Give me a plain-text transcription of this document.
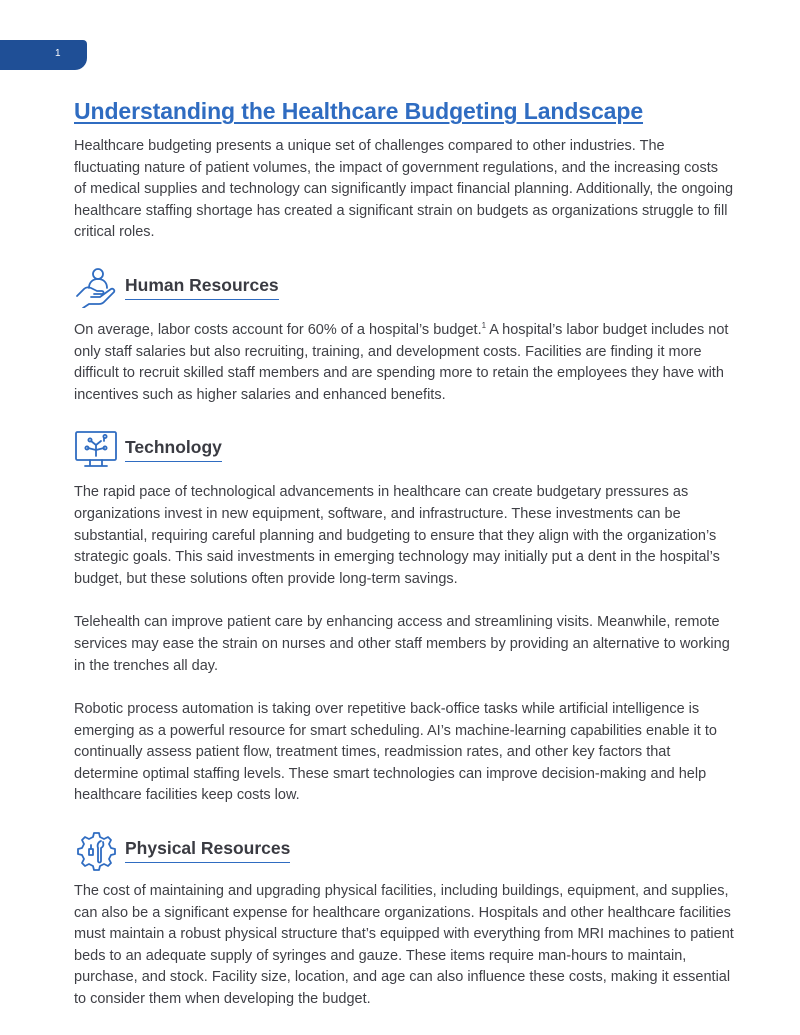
1
Understanding the Healthcare Budgeting Landscape

Healthcare budgeting presents a unique set of challenges compared to other industries. The fluctuating nature of patient volumes, the impact of government regulations, and the increasing costs of medical supplies and technology can significantly impact financial planning. Additionally, the ongoing healthcare staffing shortage has created a significant strain on budgets as organizations struggle to fill critical roles.

Human Resources

On average, labor costs account for 60% of a hospital’s budget.$^1$ A hospital’s labor budget includes not only staff salaries but also recruiting, training, and development costs. Facilities are finding it more difficult to recruit skilled staff members and are spending more to retain the employees they have with incentives such as higher salaries and enhanced benefits.

Technology

The rapid pace of technological advancements in healthcare can create budgetary pressures as organizations invest in new equipment, software, and infrastructure. These investments can be substantial, requiring careful planning and budgeting to ensure that they align with the organization’s strategic goals. This said investments in emerging technology may initially put a dent in the hospital’s budget, but these solutions often provide long-term savings.

Telehealth can improve patient care by enhancing access and streamlining visits. Meanwhile, remote services may ease the strain on nurses and other staff members by providing an alternative to working in the trenches all day.

Robotic process automation is taking over repetitive back-office tasks while artificial intelligence is emerging as a powerful resource for smart scheduling. AI’s machine-learning capabilities enable it to continually assess patient flow, treatment times, readmission rates, and other key factors that determine optimal staffing levels. These smart technologies can improve decision-making and help healthcare facilities keep costs low.

Physical Resources

The cost of maintaining and upgrading physical facilities, including buildings, equipment, and supplies, can also be a significant expense for healthcare organizations. Hospitals and other healthcare facilities must maintain a robust physical structure that’s equipped with everything from MRI machines to patient beds to an adequate supply of syringes and gauze. These items require man-hours to maintain, purchase, and stock. Facility size, location, and age can also influence these costs, making it essential to consider them when developing the budget.
